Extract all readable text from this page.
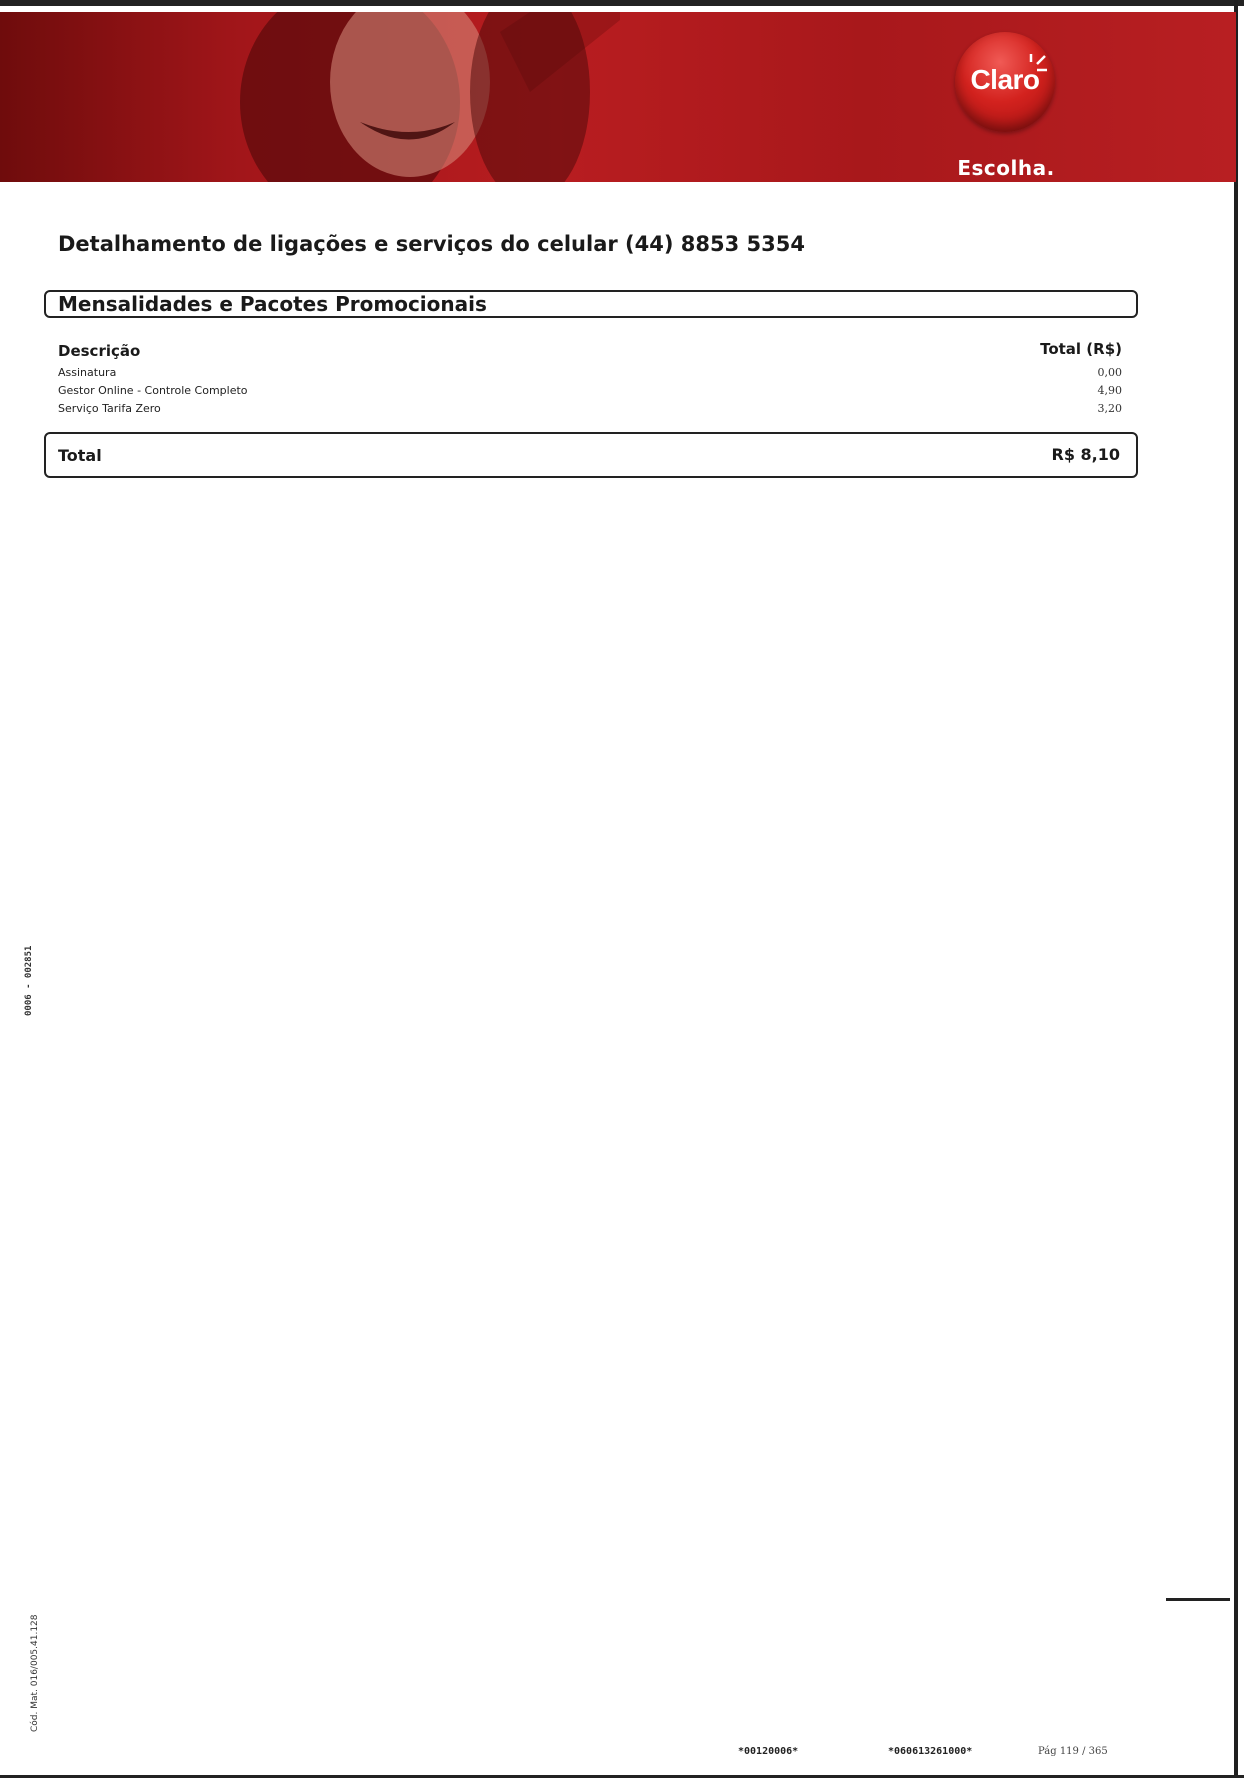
Claro
Escolha.
Detalhamento de ligações e serviços do celular (44) 8853 5354
Mensalidades e Pacotes Promocionais
Descrição	Total (R$)
Assinatura	0,00
Gestor Online - Controle Completo	4,90
Serviço Tarifa Zero	3,20
Total	R$ 8,10
0006 - 002851
Cód. Mat. 016/005.41.128
*00120006*	*060613261000*	Pág 119 / 365
